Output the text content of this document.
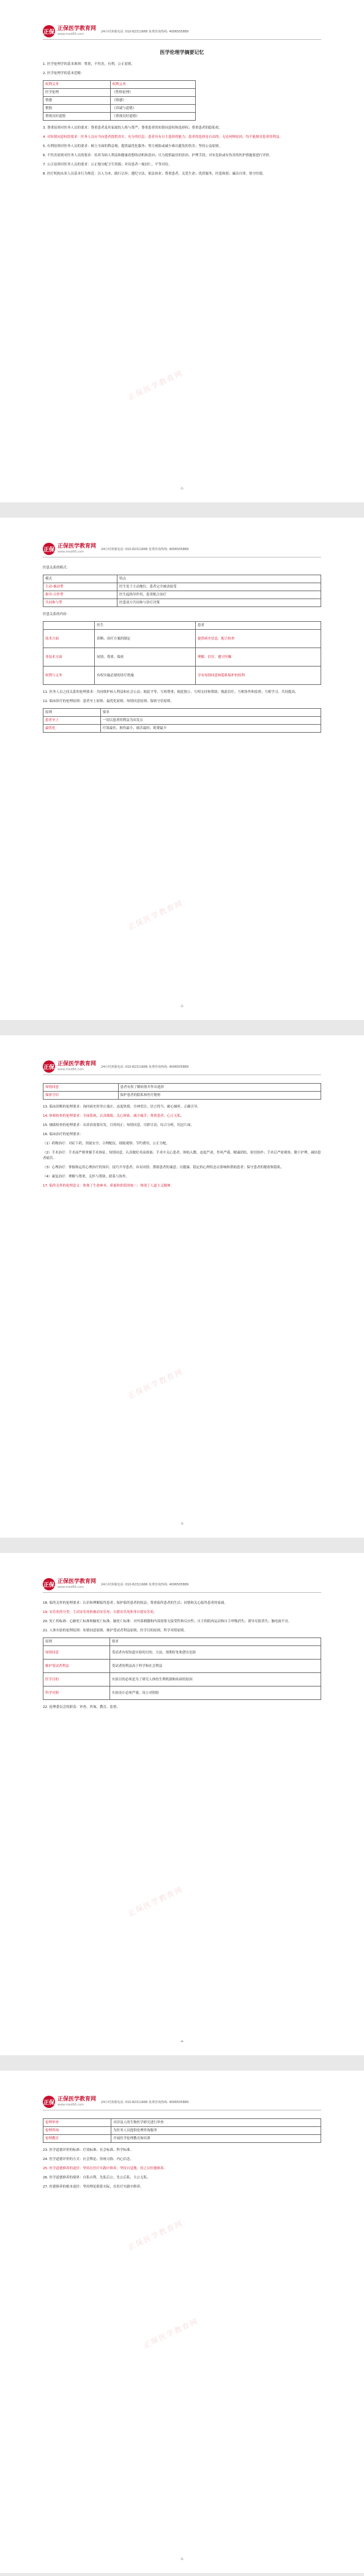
正保
正保医学教育网
www.med66.com
24小时客服电话: 010-82311666 免费咨询热线: 4006505889
医学伦理学摘要记忆

1. 医学伦理学的基本准则：尊重，不伤害，有利，公正原则。

2. 医学伦理学的基本范畴：

权利义务	权利义务
医学伦理	《性格伦理》
情感	《情感》
慎独	《真诚与道德》
重视良好道德	《重视良好道德》

3. 尊重原则对医务人员的要求：尊重患者及其家属的人格与尊严；尊重患者的知情同意权和选择权；尊重患者的隐私权。

4. 对知情同意权的要求：医务人员应当向患者提供真实、充分的信息；患者具有自主选择的能力；患者的选择是自由的；无论何种原因，均不能损害患者的利益。

5. 有利原则对医务人员的要求：树立全面的利益观；提供最优化服务；努力预防或减少难以避免的伤害；坚持公益原则。

6. 不伤害原则对医务人员的要求：培养为病人利益和健康着想的动机和意向；尽力提供最佳的诊治、护理手段；对有危险或有伤害的医护措施要进行评价。

7. 公正原则对医务人员的要求：公正地分配卫生资源；对待患者一视同仁，平等对待。

8. 医疗机构从业人员基本行为规范：以人为本，践行宗旨；遵纪守法，依法执业；尊重患者，关爱生命；优质服务，医患和谐；廉洁自律，恪守医德。

正保医学教育网
-1-
正保
正保医学教育网
www.med66.com
24小时客服电话: 010-82311666 免费咨询热线: 4006505889

医患关系的模式：

模式	特点
主动-被动型	医生处于主动地位，患者完全被动接受
指导-合作型	医生起指导作用，患者配合治疗
共同参与型	医患双方共同参与诊疗决策

医患关系的内容：

	医生	患者
技术方面	诊断、治疗方案的制定	提供病史信息，配合检查
非技术方面	同情、尊重、保密	理解、信任、遵守医嘱
权利与义务	有权实施必要的诊疗措施	享有知情同意和隐私保护的权利

11. 医务人员之间关系的伦理要求：共同维护病人利益和社会公益；彼此平等、互相尊重；彼此独立、互相支持和帮助；彼此信任、互相协作和监督；互相学习、共同提高。

12. 临床诊疗的伦理原则：患者至上原则、最优化原则、知情同意原则、保密守信原则。

原则	要求
患者至上	一切以患者的利益为出发点
最优化	疗效最佳、损伤最小、痛苦最轻、耗费最少
正保医学教育网
-2-
正保
正保医学教育网
www.med66.com
24小时客服电话: 010-82311666 免费咨询热线: 4006505889
知情同意	患者有权了解病情并作出选择
保密守信	保护患者的隐私和医疗秘密

13. 临床诊断的伦理要求：询问病史时举止端庄、态度热情，全神贯注、语言得当，耐心倾听、正确引导。

14. 体格检查的伦理要求：全面系统、认真细致；关心体贴、减少痛苦；尊重患者、心正无私。

15. 辅助检查的伦理要求：从诊治需要出发，目的纯正；知情同意，尽职尽责；综合分析，切忌片面。

16. 临床治疗的伦理要求：

（1）药物治疗：对症下药，剂量安全；合理配伍，细致观察；节约费用，公正分配。

（2）手术治疗：手术前严格掌握手术指征，知情同意，认真做好术前准备；手术中关心患者，体贴入微，态度严肃，作风严谨，精诚团结，密切协作；手术后严密观察，勤于护理，减轻患者痛苦。

（3）心理治疗：掌握和运用心理治疗的知识、技巧开导患者；具有同情、帮助患者的诚意；以健康、稳定的心理状态去影响和帮助患者；保守患者的秘密和隐私。

（4）康复治疗：理解与尊重，关怀与帮助，联系与协作。

17. 临终关怀的伦理意义：体现了生命神圣、质量和价值的统一；体现了人道主义精神。

正保医学教育网
-3-
正保
正保医学教育网
www.med66.com
24小时客服电话: 010-82311666 免费咨询热线: 4006505889

18. 临终关怀的伦理要求：认识和理解临终患者；保护临终患者的权益；尊重临终患者的生活；同情和关心临终患者的家属。

19. 安乐死的分类：主动安乐死和被动安乐死；自愿安乐死和非自愿安乐死。

20. 死亡的标准：心肺死亡标准和脑死亡标准。脑死亡标准：对外部刺激和内部需要无接受性和反应性；自主的肌肉运动和自主呼吸消失；诱导反射消失；脑电波平直。

21. 人体实验的伦理原则：知情同意原则、维护受试者利益原则、医学目的原则、科学对照原则。

原则	要求
知情同意	受试者有权知道实验的目的、方法、预期好处和潜在危险
维护受试者利益	受试者的利益高于科学和社会利益
医学目的	实验目的必须是为了研究人体的生理机制和疾病的原因
科学对照	实验设计必须严谨，设立对照组

22. 伦理委员会的职责：审查、咨询、教育、监督。

正保医学教育网
-4-
正保
正保医学教育网
www.med66.com
24小时客服电话: 010-82311666 免费咨询热线: 4006505889
伦理审查	对涉及人的生物医学研究进行审查
伦理咨询	为医务人员提供伦理咨询服务
伦理教育	开展医学伦理教育和培训

23. 医学道德评价的标准：疗效标准、社会标准、科学标准。

24. 医学道德评价的方式：社会舆论、传统习俗、内心信念。

25. 医学道德修养的途径：坚持在医疗实践中修养；坚持自觉地、持之以恒地修养。

26. 医学道德修养的境界：自私自利、先私后公、先公后私、大公无私。

27. 医德修养的根本途径：坚持理论联系实际，在医疗实践中修养。

正保医学教育网
正保医学教育网
-5-
